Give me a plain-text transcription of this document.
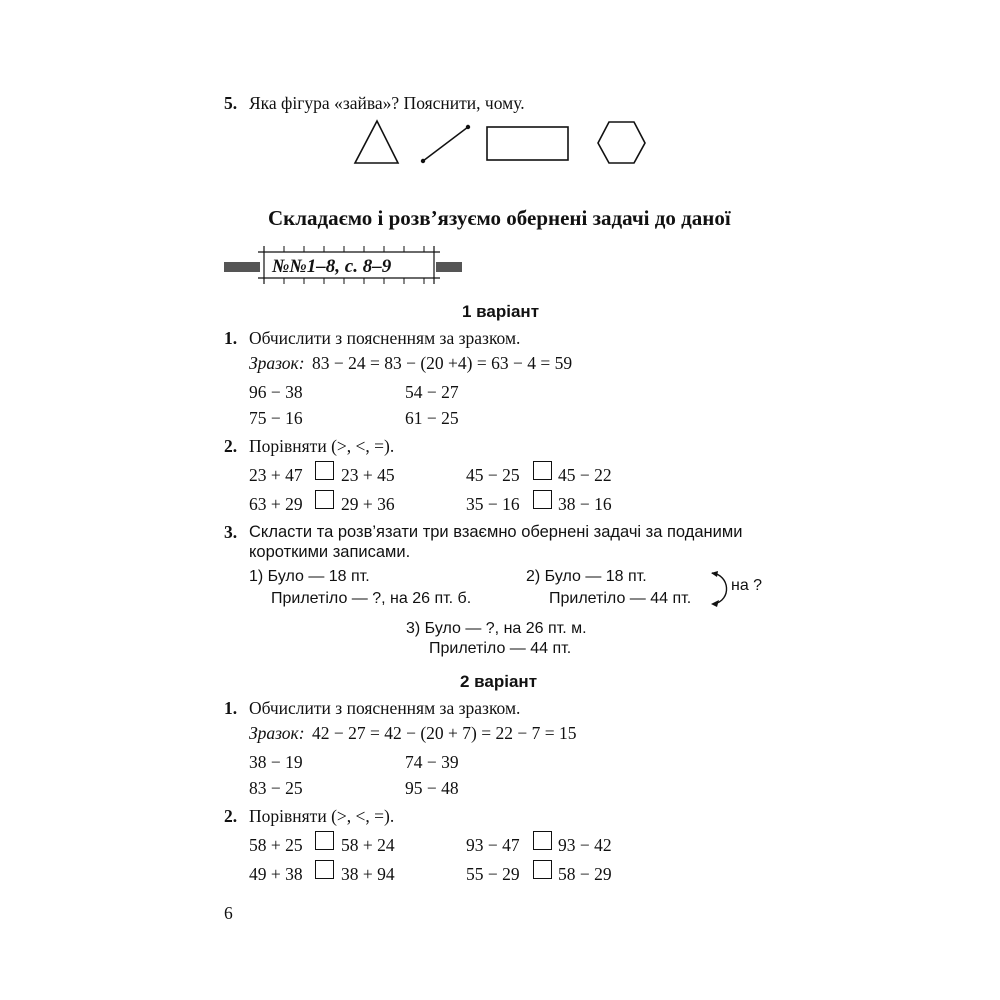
5. Яка фігура «зайва»? Пояснити, чому.
Складаємо і розв’язуємо обернені задачі до даної
№№1–8, с. 8–9
1 варіант
1. Обчислити з поясненням за зразком.
Зразок: 83 − 24 = 83 − (20 +4) = 63 − 4 = 59
96 − 38	54 − 27
75 − 16	61 − 25
2. Порівняти (>, <, =).
23 + 47 23 + 45	45 − 25 45 − 22
63 + 29 29 + 36	35 − 16 38 − 16
3. Скласти та розв’язати три взаємно обернені задачі за поданими
короткими записами.
1) Було — 18 пт.
Прилетіло — ?, на 26 пт. б.
2) Було — 18 пт.
Прилетіло — 44 пт.
на ?
3) Було — ?, на 26 пт. м.
Прилетіло — 44 пт.
2 варіант
1. Обчислити з поясненням за зразком.
Зразок: 42 − 27 = 42 − (20 + 7) = 22 − 7 = 15
38 − 19	74 − 39
83 − 25	95 − 48
2. Порівняти (>, <, =).
58 + 25 58 + 24	93 − 47 93 − 42
49 + 38 38 + 94	55 − 29 58 − 29
6
